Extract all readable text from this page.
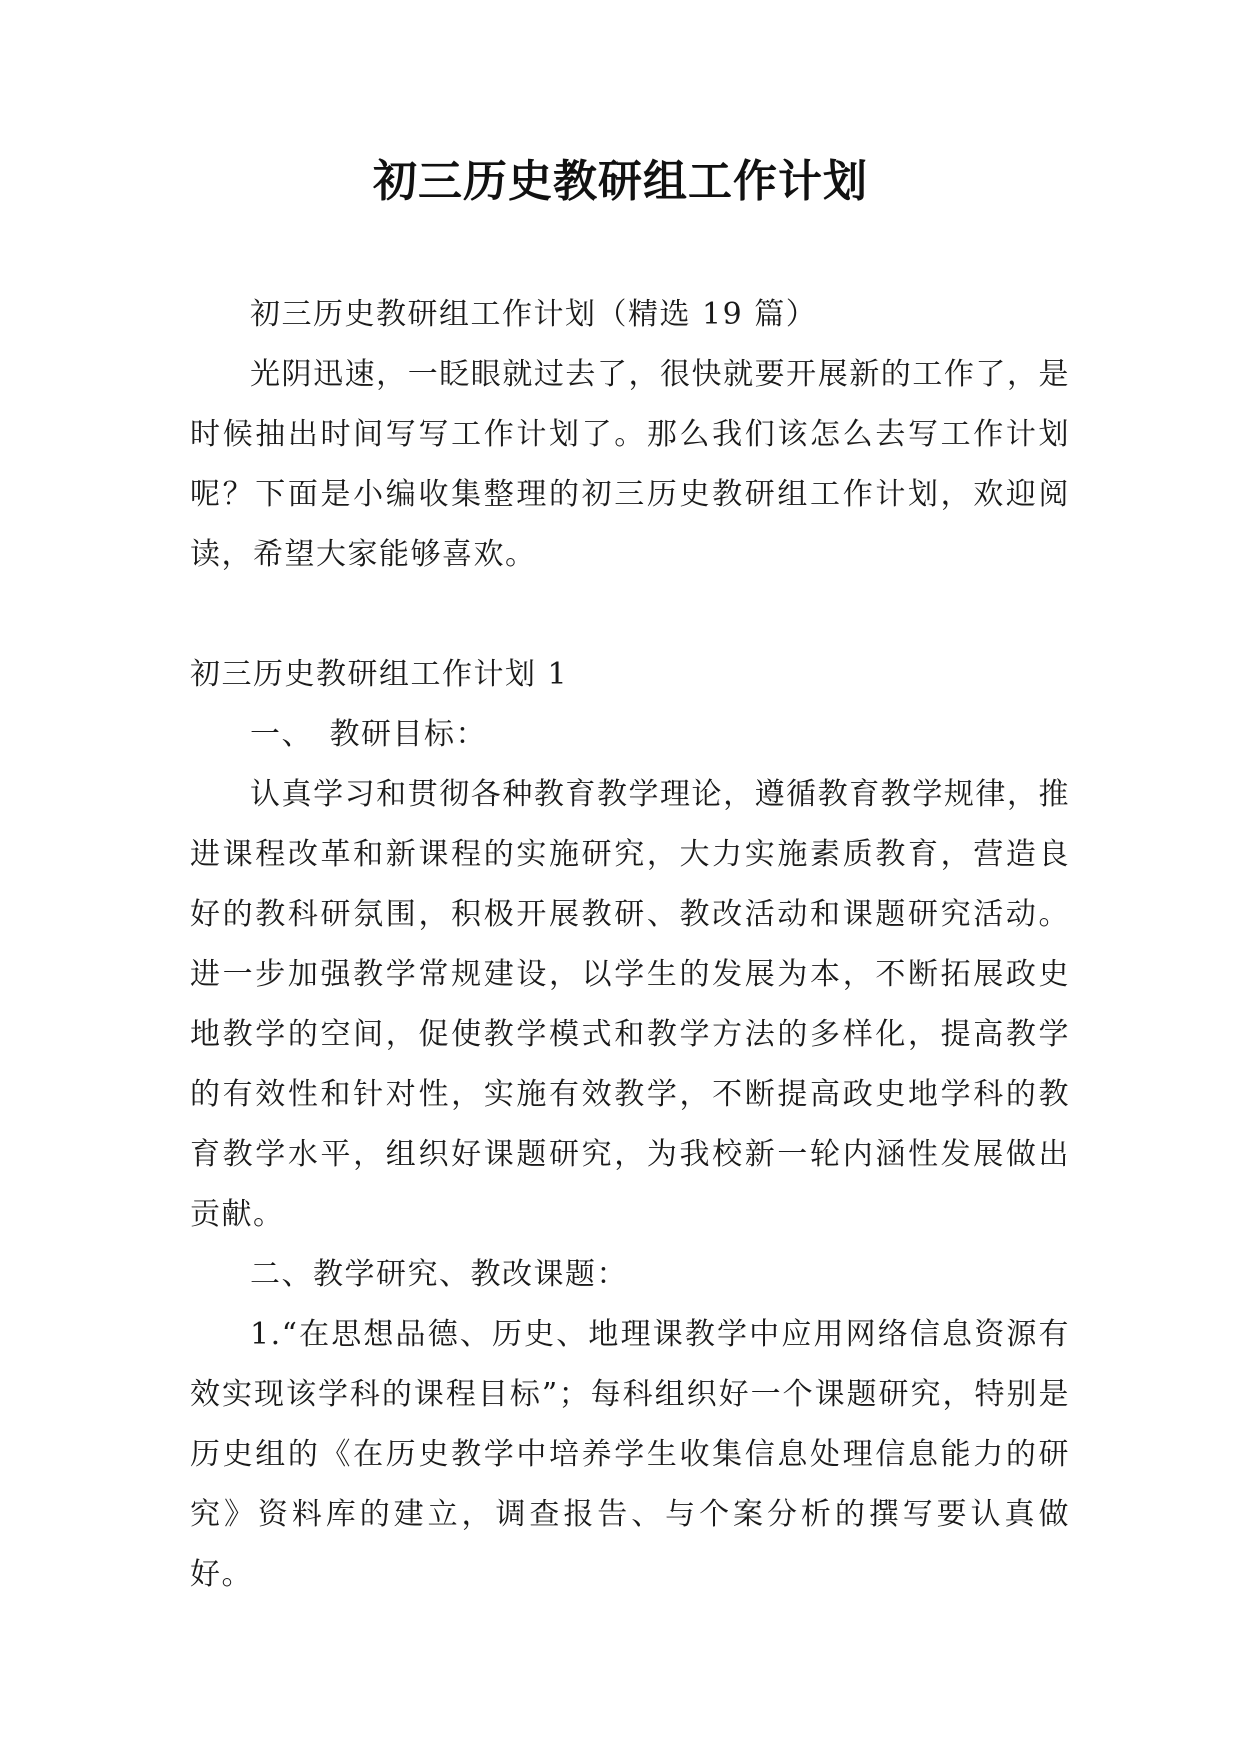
初三历史教研组工作计划

初三历史教研组工作计划（精选 19 篇）

光阴迅速，一眨眼就过去了，很快就要开展新的工作了，是时候抽出时间写写工作计划了。那么我们该怎么去写工作计划呢？下面是小编收集整理的初三历史教研组工作计划，欢迎阅读，希望大家能够喜欢。

初三历史教研组工作计划 1

一、　教研目标：

认真学习和贯彻各种教育教学理论，遵循教育教学规律，推进课程改革和新课程的实施研究，大力实施素质教育，营造良好的教科研氛围，积极开展教研、教改活动和课题研究活动。进一步加强教学常规建设，以学生的发展为本，不断拓展政史地教学的空间，促使教学模式和教学方法的多样化，提高教学的有效性和针对性，实施有效教学，不断提高政史地学科的教育教学水平，组织好课题研究，为我校新一轮内涵性发展做出贡献。

二、教学研究、教改课题：

1.“在思想品德、历史、地理课教学中应用网络信息资源有效实现该学科的课程目标”；每科组织好一个课题研究，特别是历史组的《在历史教学中培养学生收集信息处理信息能力的研究》资料库的建立，调查报告、与个案分析的撰写要认真做好。
